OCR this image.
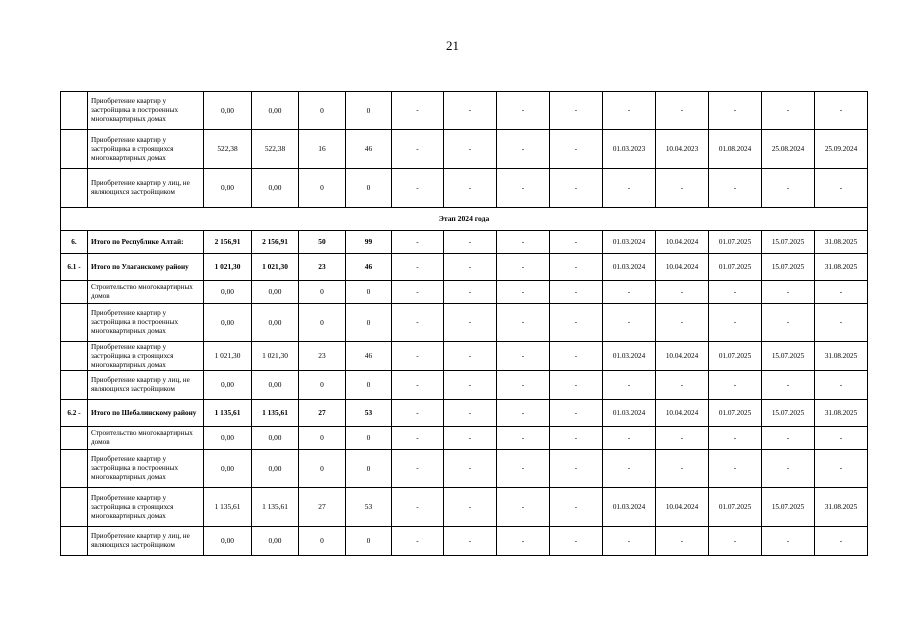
21
	Приобретение квартир у застройщика в построенных многоквартирных домах	0,00	0,00	0	0	-	-	-	-	-	-	-	-	-
	Приобретение квартир у застройщика в строящихся многоквартирных домах	522,38	522,38	16	46	-	-	-	-	01.03.2023	10.04.2023	01.08.2024	25.08.2024	25.09.2024
	Приобретение квартир у лиц, не являющихся застройщиком	0,00	0,00	0	0	-	-	-	-	-	-	-	-	-
Этап 2024 года														
6.	Итого по Республике Алтай:	2 156,91	2 156,91	50	99	-	-	-	-	01.03.2024	10.04.2024	01.07.2025	15.07.2025	31.08.2025
6.1 -	Итого по Улаганскому району	1 021,30	1 021,30	23	46	-	-	-	-	01.03.2024	10.04.2024	01.07.2025	15.07.2025	31.08.2025
	Строительство многоквартирных домов	0,00	0,00	0	0	-	-	-	-	-	-	-	-	-
	Приобретение квартир у застройщика в построенных многоквартирных домах	0,00	0,00	0	0	-	-	-	-	-	-	-	-	-
	Приобретение квартир у застройщика в строящихся многоквартирных домах	1 021,30	1 021,30	23	46	-	-	-	-	01.03.2024	10.04.2024	01.07.2025	15.07.2025	31.08.2025
	Приобретение квартир у лиц, не являющихся застройщиком	0,00	0,00	0	0	-	-	-	-	-	-	-	-	-
6.2 -	Итого по Шебалинскому району	1 135,61	1 135,61	27	53	-	-	-	-	01.03.2024	10.04.2024	01.07.2025	15.07.2025	31.08.2025
	Строительство многоквартирных домов	0,00	0,00	0	0	-	-	-	-	-	-	-	-	-
	Приобретение квартир у застройщика в построенных многоквартирных домах	0,00	0,00	0	0	-	-	-	-	-	-	-	-	-
	Приобретение квартир у застройщика в строящихся многоквартирных домах	1 135,61	1 135,61	27	53	-	-	-	-	01.03.2024	10.04.2024	01.07.2025	15.07.2025	31.08.2025
	Приобретение квартир у лиц, не являющихся застройщиком	0,00	0,00	0	0	-	-	-	-	-	-	-	-	-
